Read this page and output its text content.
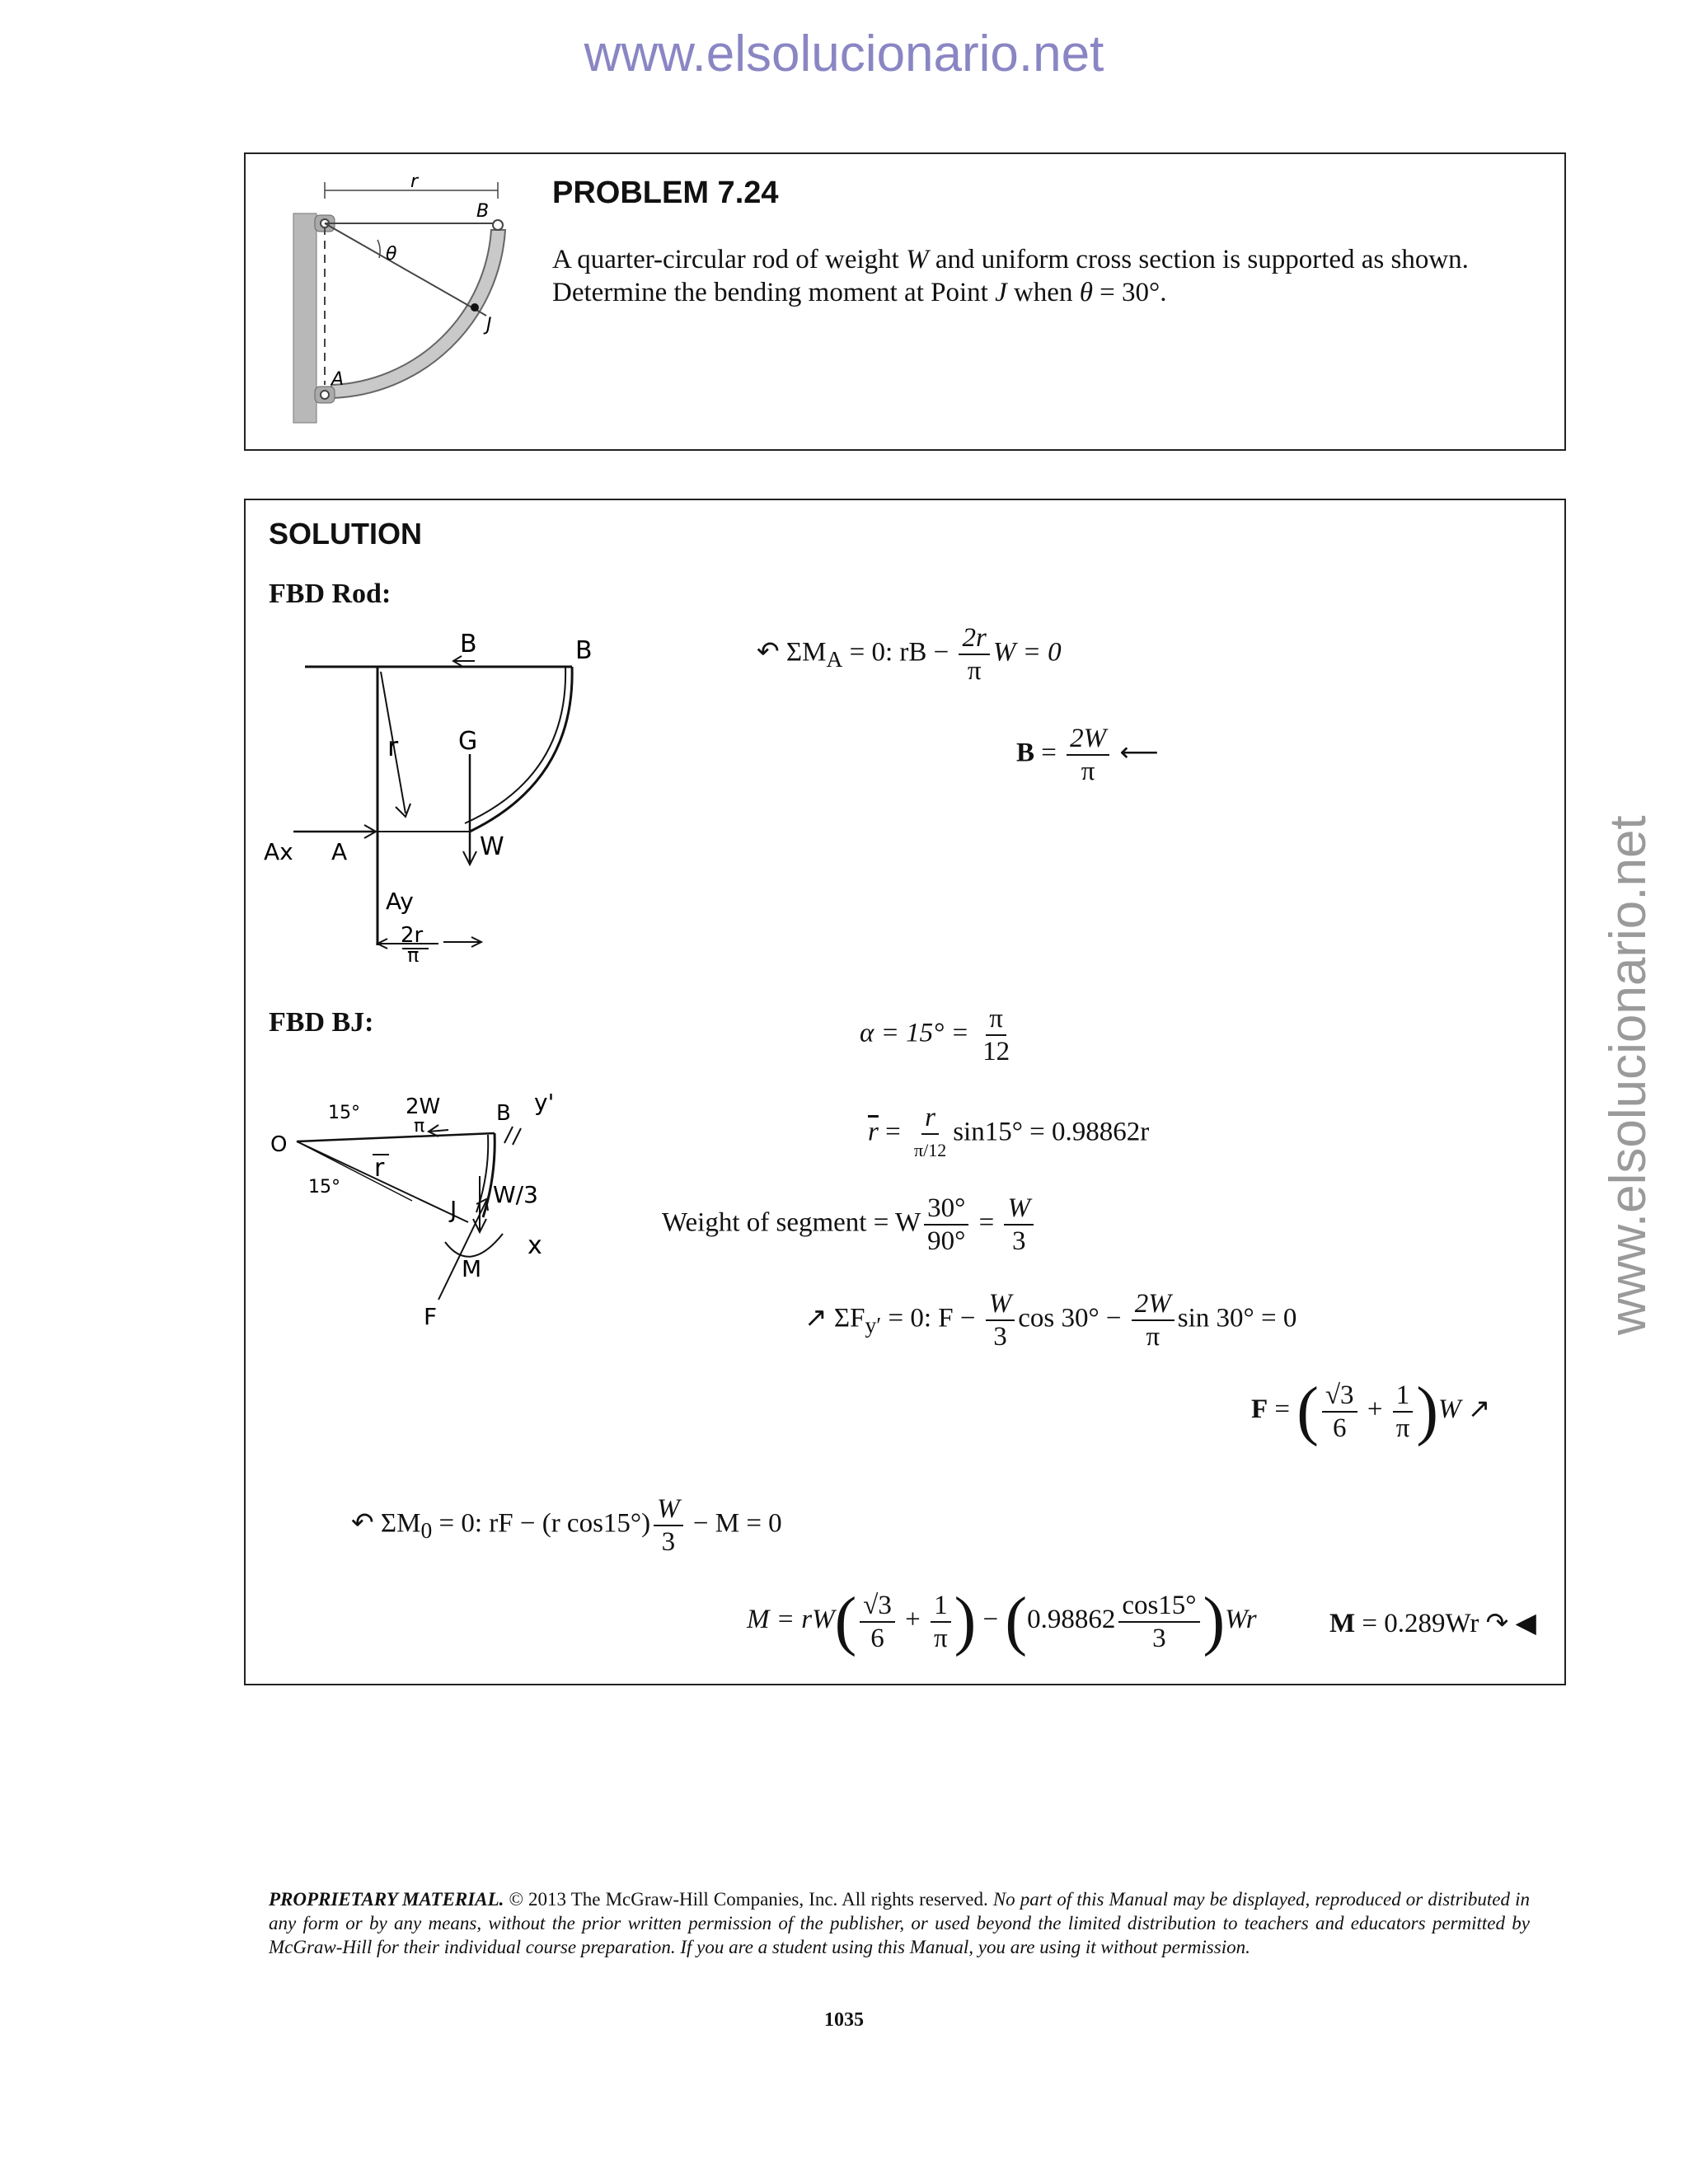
www.elsolucionario.net
www.elsolucionario.net
r
B
θ
J
A
PROBLEM 7.24
A quarter-circular rod of weight W and uniform cross section is supported as shown. Determine the bending moment at Point J when θ = 30°.
SOLUTION
FBD Rod:
FBD BJ:
B	B
r G
W
Ax A
Ay
2r
π
O
15°
15°
2W
π
B y'
r
J
W/3
x
M
F
↶ $\Sigma M_A = 0$: rB − $\frac{2r}{\pi}$ W = 0
$B = \frac{2W}{\pi}$ ⟵
$\alpha = 15^\circ = \frac{\pi}{12}$
$\overline{r} = \frac{r}{\pi/12} \sin 15^\circ = 0.98862r$
Weight of segment = W $\frac{30^\circ}{90^\circ} = \frac{W}{3}$
↗ $\Sigma F_{y'} = 0$: $F - \frac{W}{3}$ $\cos 30^\circ - \frac{2W}{\pi}$ sin 30° = 0
F = ( $\frac{√3}{6} + \frac{1}{\pi} )W$ ↗
↶ $\Sigma M_0 = 0$: rF − (r $\cos 15^\circ) \frac{W}{3} - M = 0$
$M = rW( \frac{√3}{6} + \frac{1}{\pi}$ ) − $(0.98862 \frac{\cos 15^\circ}{3} )Wr$	M = 0.289Wr ↷ ◀
PROPRIETARY MATERIAL. © 2013 The McGraw-Hill Companies, Inc. All rights reserved. No part of this Manual may be displayed, reproduced or distributed in any form or by any means, without the prior written permission of the publisher, or used beyond the limited distribution to teachers and educators permitted by McGraw-Hill for their individual course preparation. If you are a student using this Manual, you are using it without permission.
1035
